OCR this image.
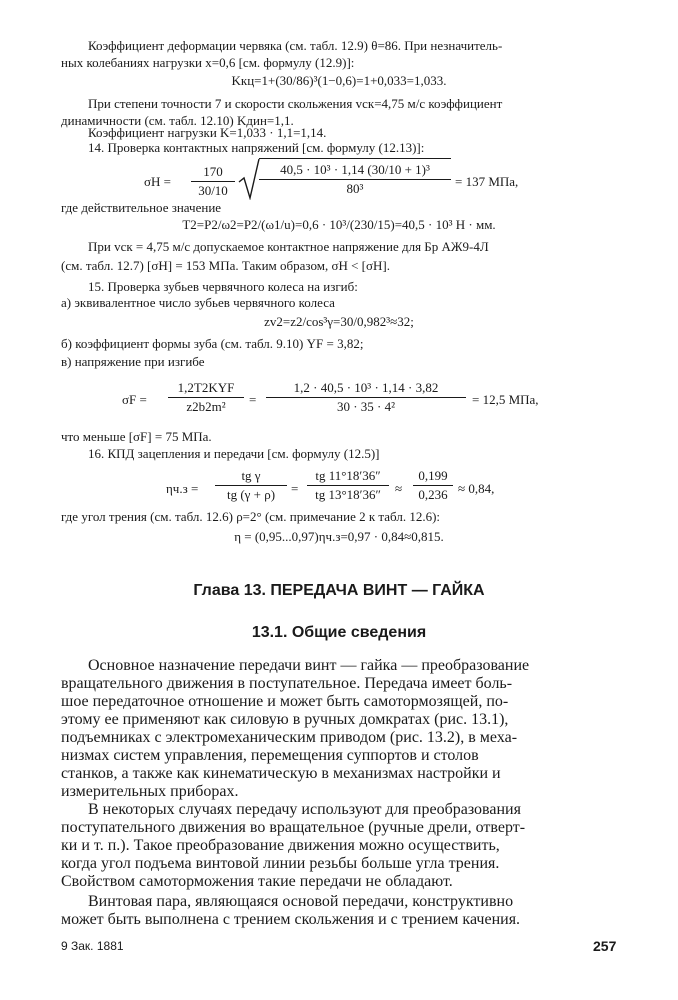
Коэффициент деформации червяка (см. табл. 12.9) θ=86. При незначитель-
ных колебаниях нагрузки x=0,6 [см. формулу (12.9)]:
Kкц=1+(30/86)³(1−0,6)=1+0,033=1,033.
При степени точности 7 и скорости скольжения vск=4,75 м/с коэффициент
динамичности (см. табл. 12.10) Kдин=1,1.
Коэффициент нагрузки K=1,033 · 1,1=1,14.
14. Проверка контактных напряжений [см. формулу (12.13)]:
$\sigma H = \frac{170}{30/10} \frac{\text{40,5 · 10³ · 1,14 (30/10 + 1)³}}{\text{80³}} = 137$ МПа,
где действительное значение
T2=P2/ω2=P2/(ω1/u)=0,6 · 10³/(230/15)=40,5 · 10³ Н · мм.
При vск = 4,75 м/с допускаемое контактное напряжение для Бр АЖ9-4Л
(см. табл. 12.7) [σH] = 153 МПа. Таким образом, σH < [σH].
15. Проверка зубьев червячного колеса на изгиб:
а) эквивалентное число зубьев червячного колеса
zv2=z2/cos³γ=30/0,982³≈32;
б) коэффициент формы зуба (см. табл. 9.10) YF = 3,82;
в) напряжение при изгибе
σF =
1,2T2KYF
z2b2m²	= $\frac{\text{1,2 · 40,5 · 10³ · 1,14 · 3,82}}{\text{30 · 35 · 4²}} = 12,5$ МПа,
что меньше [σF] = 75 МПа.
16. КПД зацепления и передачи [см. формулу (12.5)]
$\eta ч.з = \frac{\text{tg γ}}{tg (\gamma + \rho)} = \frac{tg 11^\circ 18'36''}{tg 13^\circ 18'36''} \approx \frac{0,199}{0,236} \approx 0,84$,
где угол трения (см. табл. 12.6) ρ=2° (см. примечание 2 к табл. 12.6):
η = (0,95...0,97)ηч.з=0,97 · 0,84≈0,815.
Глава 13. ПЕРЕДАЧА ВИНТ — ГАЙКА
13.1. Общие сведения
Основное назначение передачи винт — гайка — преобразование
вращательного движения в поступательное. Передача имеет боль-
шое передаточное отношение и может быть самотормозящей, по-
этому ее применяют как силовую в ручных домкратах (рис. 13.1),
подъемниках с электромеханическим приводом (рис. 13.2), в меха-
низмах систем управления, перемещения суппортов и столов
станков, а также как кинематическую в механизмах настройки и
измерительных приборах.
В некоторых случаях передачу используют для преобразования
поступательного движения во вращательное (ручные дрели, отверт-
ки и т. п.). Такое преобразование движения можно осуществить,
когда угол подъема винтовой линии резьбы больше угла трения.
Свойством самоторможения такие передачи не обладают.
Винтовая пара, являющаяся основой передачи, конструктивно
может быть выполнена с трением скольжения и с трением качения.
9 Зак. 1881	257
